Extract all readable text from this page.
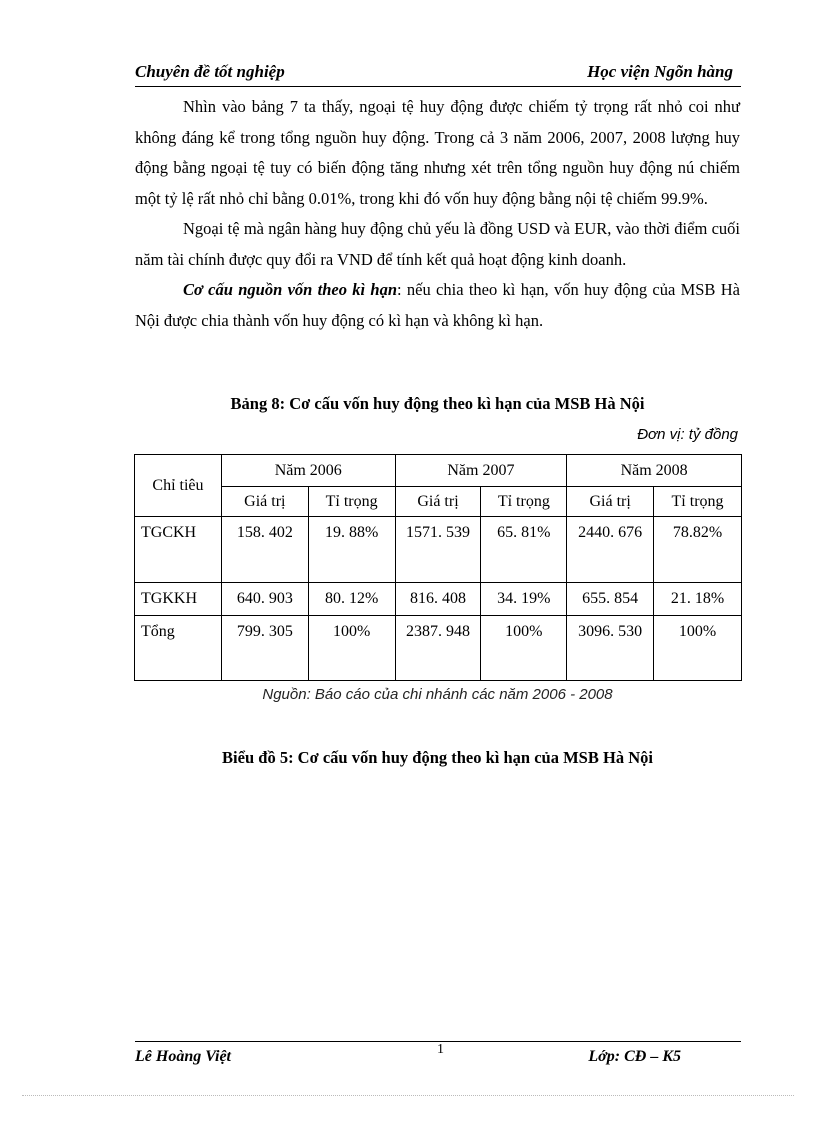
Chuyên đề tốt nghiệp	Học viện Ngõn hàng

Nhìn vào bảng 7 ta thấy, ngoại tệ huy động được chiếm tỷ trọng rất nhỏ coi như không đáng kể trong tổng nguồn huy động. Trong cả 3 năm 2006, 2007, 2008 lượng huy động bằng ngoại tệ tuy có biến động tăng nhưng xét trên tổng nguồn huy động nú chiếm một tỷ lệ rất nhỏ chỉ bằng 0.01%, trong khi đó vốn huy động bằng nội tệ chiếm 99.9%.

Ngoại tệ mà ngân hàng huy động chủ yếu là đồng USD và EUR, vào thời điểm cuối năm tài chính được quy đổi ra VND để tính kết quả hoạt động kinh doanh.

Cơ cấu nguồn vốn theo kì hạn: nếu chia theo kì hạn, vốn huy động của MSB Hà Nội được chia thành vốn huy động có kì hạn và không kì hạn.

Bảng 8: Cơ cấu vốn huy động theo kì hạn của MSB Hà Nội
Đơn vị: tỷ đồng
Chỉ tiêu	Năm 2006		Năm 2007		Năm 2008	
	Giá trị	Tỉ trọng	Giá trị	Tỉ trọng	Giá trị	Tỉ trọng
TGCKH	158. 402	19. 88%	1571. 539	65. 81%	2440. 676	78.82%
TGKKH	640. 903	80. 12%	816. 408	34. 19%	655. 854	21. 18%
Tổng	799. 305	100%	2387. 948	100%	3096. 530	100%
Nguồn: Báo cáo của chi nhánh các năm 2006 - 2008
Biểu đồ 5: Cơ cấu vốn huy động theo kì hạn của MSB Hà Nội
Lê Hoàng Việt	1	Lớp: CĐ – K5
